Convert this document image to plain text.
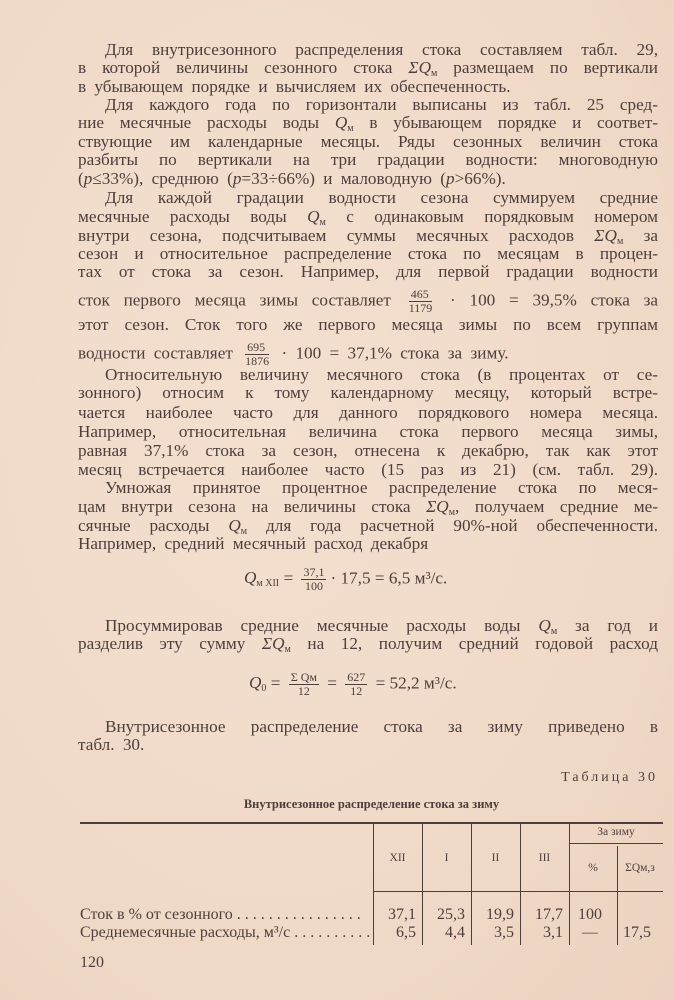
Для внутрисезонного распределения стока составляем табл. 29,
в которой величины сезонного стока $\Sigma Q_м$ размещаем по вертикали
в убывающем порядке и вычисляем их обеспеченность.
Для каждого года по горизонтали выписаны из табл. 25 сред-
ние месячные расходы воды $Q_м$ в убывающем порядке и соответ-
ствующие им календарные месяцы. Ряды сезонных величин стока
разбиты по вертикали на три градации водности: многоводную
(p≤33%), среднюю (p=33÷66%) и маловодную (p>66%).
Для каждой градации водности сезона суммируем средние
месячные расходы воды $Q_м$ с одинаковым порядковым номером
внутри сезона, подсчитываем суммы месячных расходов $\Sigma Q_м$ за
сезон и относительное распределение стока по месяцам в процен-
тах от стока за сезон. Например, для первой градации водности
сток первого месяца зимы составляет $\frac{465}{1179} \cdot 100 = 39,5\%$ стока за
этот сезон. Сток того же первого месяца зимы по всем группам
водности составляет $\frac{695}{1876} \cdot 100 = 37,1\%$ стока за зиму.
Относительную величину месячного стока (в процентах от се-
зонного) относим к тому календарному месяцу, который встре-
чается наиболее часто для данного порядкового номера месяца.
Например, относительная величина стока первого месяца зимы,
равная 37,1% стока за сезон, отнесена к декабрю, так как этот
месяц встречается наиболее часто (15 раз из 21) (см. табл. 29).
Умножая принятое процентное распределение стока по меся-
цам внутри сезона на величины стока $\Sigma Q_м$, получаем средние ме-
сячные расходы $Q_м$ для года расчетной 90%-ной обеспеченности.
Например, средний месячный расход декабря
Просуммировав средние месячные расходы воды $Q_м$ за год и
разделив эту сумму $\Sigma Q_м$ на 12, получим средний годовой расход
Внутрисезонное распределение стока за зиму приведено в
табл. 30.
$Q_{м XII} = \frac{37,1}{100} \cdot 17,5 = 6,5$ м³/с.
$Q_0 = \frac{\text{Σ Qм}}{12} = \frac{627}{12} = 52,2$ м³/с.
Таблица 30
Внутрисезонное распределение стока за зиму
XII	I	II	III
За зиму
%	ΣQм,з
Сток в % от сезонного . . . . . . . . . . . . . . . .	37,1	25,3	19,9	17,7 100
Среднемесячные расходы, м³/с . . . . . . . . . .	6,5	4,4	3,5	3,1	—	17,5
120
